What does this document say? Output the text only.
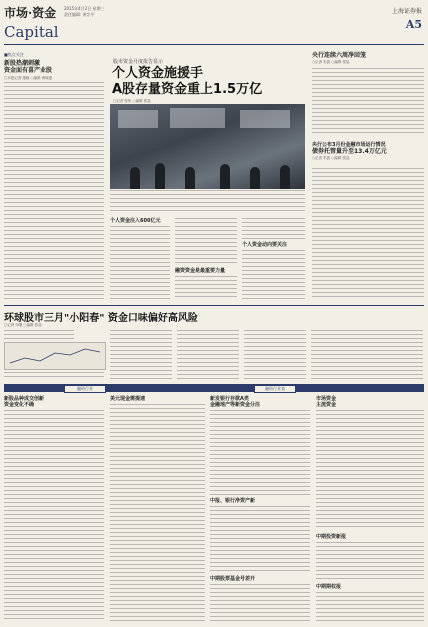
市场·资金
Capital
2015年4月2日 星期三
责任编辑: 黄宗平	上海证券报
A5
■焦点关注
新股热潮刺激
资金面有喜产业股
□本报记者 施婉 ○编辑 黄晓惠
股市资金月度报告显示
个人资金施援手
A股存量资金重上1.5万亿
□记者 张彤 ○编辑 张喆
个人资金注入600亿元
融资资金是最重要力量
个人资金动向要关注
央行连续六周净回笼
○记者 朱凯 ○编辑 张喆
央行公布3月份金融市场运行情况
债券托管量升至13.4万亿元
○记者 朱凯 ○编辑 张喆
环球股市三月"小阳春" 资金口味偏好高风险
□记者 申屠 ○编辑 张喆
融资行业	融资行业表
新股品种成交创新
资金变化不确
美元现金需提速	新发银行存款A类
金融地产等新资金分注
中报、银行净资产新
中期股票基金号差开
市场资金
主流资金
中期投资新报
中期期权报
